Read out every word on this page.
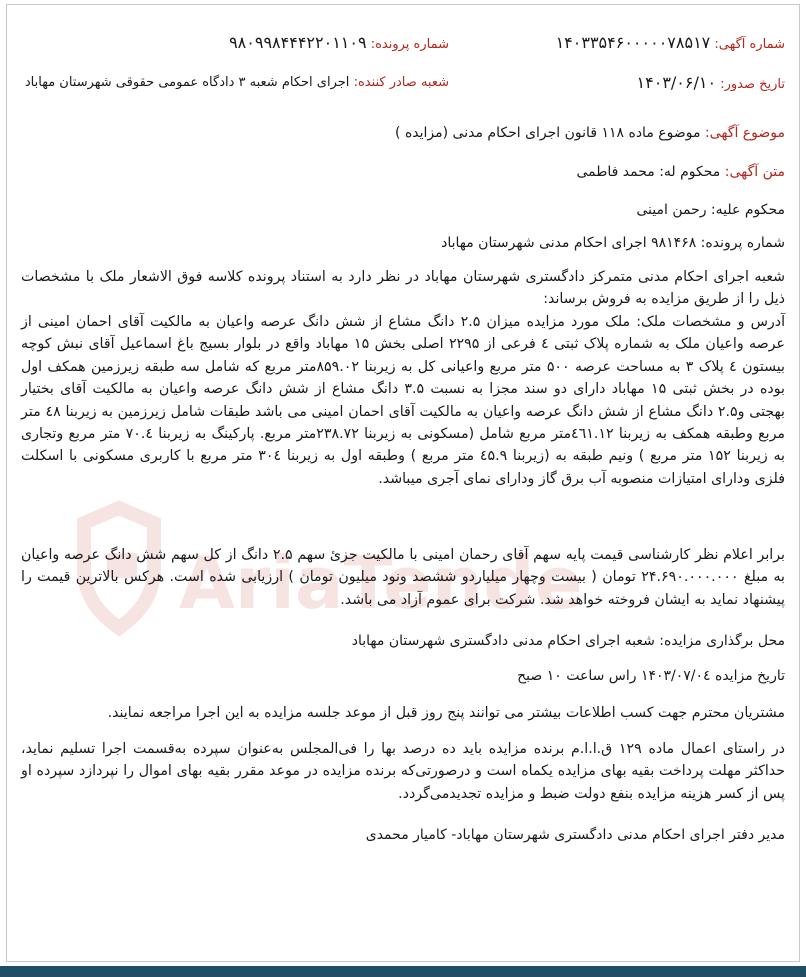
AriaTende
شماره آگهی: ۱۴۰۳۳۵۴۶۰۰۰۰۰۷۸۵۱۷
شماره پرونده: ۹۸۰۹۹۸۴۴۴۲۲۰۱۱۰۹
تاریخ صدور: ۱۴۰۳/۰۶/۱۰
شعبه صادر کننده: اجرای احکام شعبه ۳ دادگاه عمومی حقوقی شهرستان مهاباد
موضوع آگهی: موضوع ماده ۱۱۸ قانون اجرای احکام مدنی (مزایده )
متن آگهی: محکوم له: محمد فاطمی
محکوم علیه: رحمن امینی
شماره پرونده: ۹۸۱۴۶۸ اجرای احکام مدنی شهرستان مهاباد
شعبه اجرای احکام مدنی متمرکز دادگستری شهرستان مهاباد در نظر دارد به استناد پرونده کلاسه فوق الاشعار ملک با مشخصات ذیل را از طریق مزایده به فروش برساند:
آدرس و مشخصات ملک: ملک مورد مزایده میزان ۲.۵ دانگ مشاع از شش دانگ عرصه واعیان به مالکیت آقای احمان امینی از عرصه واعیان ملک به شماره پلاک ثبتی ٤ فرعی از ۲۲۹۵ اصلی بخش ۱۵ مهاباد واقع در بلوار بسیج باغ اسماعیل آقای نبش کوچه بیستون ٤ پلاک ۳ به مساحت عرصه ۵۰۰ متر مربع واعیانی کل به زیربنا ۸۵۹.۰۲متر مربع که شامل سه طبقه زیرزمین همکف اول بوده در بخش ثبتی ۱۵ مهاباد دارای دو سند مجزا به نسبت ۳.۵ دانگ مشاع از شش دانگ عرصه واعیان به مالکیت آقای بختیار بهجتی و۲.۵ دانگ مشاع از شش دانگ عرصه واعیان به مالکیت آقای احمان امینی می باشد طبقات شامل زیرزمین به زیربنا ٤٨ متر مربع وطبقه همکف به زیربنا ٤٦١.١٢متر مربع شامل (مسکونی به زیربنا ۲۳۸.۷۲متر مربع. پارکینگ به زیربنا ۷۰.٤ متر مربع وتجاری به زیربنا ۱۵۲ متر مربع ) ونیم طبقه به (زیربنا ٤۵.۹ متر مربع ) وطبقه اول به زیربنا ۳۰٤ متر مربع با کاربری مسکونی با اسکلت فلزی ودارای امتیازات منصوبه آب برق گاز ودارای نمای آجری میباشد.
برابر اعلام نظر کارشناسی قیمت پایه سهم آقای رحمان امینی با مالکیت جزئ سهم ۲.۵ دانگ از کل سهم شش دانگ عرصه واعیان به مبلغ ۲۴.۶۹۰.۰۰۰.۰۰۰ تومان ( بیست وچهار میلیاردو ششصد ونود میلیون تومان ) ارزیابی شده است. هرکس بالاترین قیمت را پیشنهاد نماید به ایشان فروخته خواهد شد. شرکت برای عموم آزاد می باشد.
محل برگذاری مزایده: شعبه اجرای احکام مدنی دادگستری شهرستان مهاباد
تاریخ مزایده ۱۴۰۳/۰۷/۰٤ راس ساعت ۱۰ صبح
مشتریان محترم جهت کسب اطلاعات بیشتر می توانند پنج روز قبل از موعد جلسه مزایده به این اجرا مراجعه نمایند.
در راستای اعمال ماده ۱۲۹ ق.ا.ا.م برنده مزایده باید ده درصد بها را فی‌المجلس به‌عنوان سپرده به‌قسمت اجرا تسلیم نماید، حداکثر مهلت پرداخت بقیه بهای مزایده یکماه است و درصورتی‌که برنده مزایده در موعد مقرر بقیه بهای اموال را نپردازد سپرده او پس از کسر هزینه مزایده بنفع دولت ضبط و مزایده تجدیدمی‌گردد.
مدیر دفتر اجرای احکام مدنی دادگستری شهرستان مهاباد- کامیار محمدی
